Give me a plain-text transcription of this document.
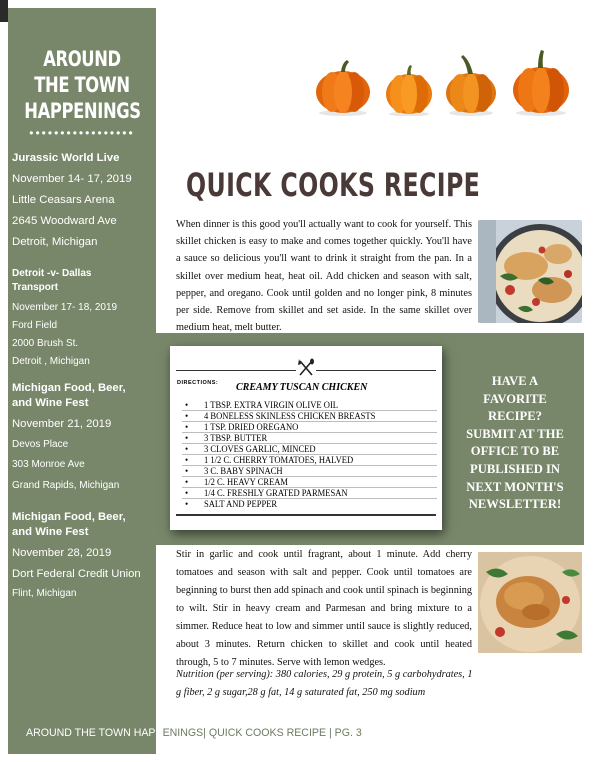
AROUND
THE TOWN
HAPPENINGS
•••••••••••••••••
Jurassic World Live
November 14- 17, 2019
Little Ceasars Arena
2645 Woodward Ave
Detroit, Michigan
Detroit -v- Dallas
Transport
November 17- 18, 2019
Ford Field
2000 Brush St.
Detroit , Michigan
Michigan Food, Beer,
and Wine Fest
November 21, 2019
Devos Place
303 Monroe Ave
Grand Rapids, Michigan
Michigan Food, Beer,
and Wine Fest
November 28, 2019
Dort Federal Credit Union
Flint, Michigan
QUICK COOKS RECIPE
When dinner is this good you'll actually want to cook for yourself. This skillet chicken is easy to make and comes together quickly. You'll have a sauce so delicious you'll want to drink it straight from the pan. In a skillet over medium heat, heat oil. Add chicken and season with salt, pepper, and oregano. Cook until golden and no longer pink, 8 minutes per side. Remove from skillet and set aside. In the same skillet over medium heat, melt butter.
DIRECTIONS: CREAMY TUSCAN CHICKEN
• 1 TBSP. EXTRA VIRGIN OLIVE OIL
• 4 BONELESS SKINLESS CHICKEN BREASTS
• 1 TSP. DRIED OREGANO
• 3 TBSP. BUTTER
• 3 CLOVES GARLIC, MINCED
• 1 1/2 C. CHERRY TOMATOES, HALVED
• 3 C. BABY SPINACH
• 1/2 C. HEAVY CREAM
• 1/4 C. FRESHLY GRATED PARMESAN
• SALT AND PEPPER
HAVE A
FAVORITE
RECIPE?
SUBMIT AT THE
OFFICE TO BE
PUBLISHED IN
NEXT MONTH'S
NEWSLETTER!
Stir in garlic and cook until fragrant, about 1 minute. Add cherry tomatoes and season with salt and pepper. Cook until tomatoes are beginning to burst then add spinach and cook until spinach is beginning to wilt. Stir in heavy cream and Parmesan and bring mixture to a simmer. Reduce heat to low and simmer until sauce is slightly reduced, about 3 minutes. Return chicken to skillet and cook until heated through, 5 to 7 minutes. Serve with lemon wedges.
Nutrition (per serving): 380 calories, 29 g protein, 5 g carbohydrates, 1 g fiber, 2 g sugar,28 g fat, 14 g saturated fat, 250 mg sodium
AROUND THE TOWN HAPPENINGS| QUICK COOKS RECIPE | PG. 3
